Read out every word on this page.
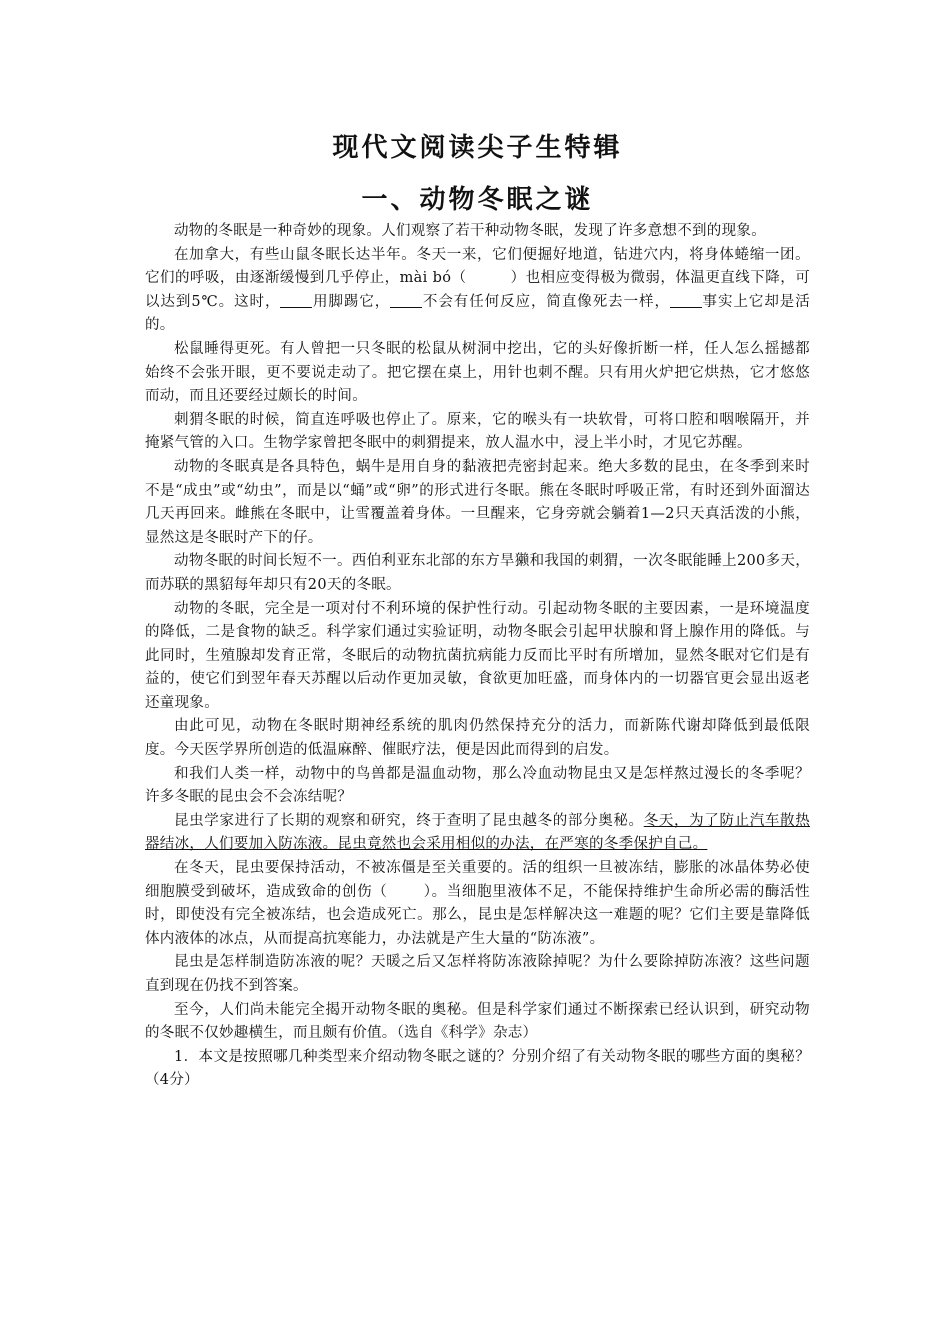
现代文阅读尖子生特辑
一、动物冬眠之谜

动物的冬眠是一种奇妙的现象。人们观察了若干种动物冬眠，发现了许多意想不到的现象。

在加拿大，有些山鼠冬眠长达半年。冬天一来，它们便掘好地道，钻进穴内，将身体蜷缩一团。它们的呼吸，由逐渐缓慢到几乎停止，mài bó（	）也相应变得极为微弱，体温更直线下降，可以达到5℃。这时， 用脚踢它， 不会有任何反应，简直像死去一样， 事实上它却是活的。

松鼠睡得更死。有人曾把一只冬眠的松鼠从树洞中挖出，它的头好像折断一样，任人怎么摇撼都始终不会张开眼，更不要说走动了。把它摆在桌上，用针也刺不醒。只有用火炉把它烘热，它才悠悠而动，而且还要经过颇长的时间。

刺猬冬眠的时候，简直连呼吸也停止了。原来，它的喉头有一块软骨，可将口腔和咽喉隔开，并掩紧气管的入口。生物学家曾把冬眠中的刺猬提来，放人温水中，浸上半小时，才见它苏醒。

动物的冬眠真是各具特色，蜗牛是用自身的黏液把壳密封起来。绝大多数的昆虫，在冬季到来时不是“成虫”或“幼虫”，而是以“蛹”或“卵”的形式进行冬眠。熊在冬眠时呼吸正常，有时还到外面溜达几天再回来。雌熊在冬眠中，让雪覆盖着身体。一旦醒来，它身旁就会躺着1—2只天真活泼的小熊，显然这是冬眠时产下的仔。

动物冬眠的时间长短不一。西伯利亚东北部的东方旱獭和我国的刺猬，一次冬眠能睡上200多天，而苏联的黑貂每年却只有20天的冬眠。

动物的冬眠，完全是一项对付不利环境的保护性行动。引起动物冬眠的主要因素，一是环境温度的降低，二是食物的缺乏。科学家们通过实验证明，动物冬眠会引起甲状腺和肾上腺作用的降低。与此同时，生殖腺却发育正常，冬眠后的动物抗菌抗病能力反而比平时有所增加，显然冬眠对它们是有益的，使它们到翌年春天苏醒以后动作更加灵敏，食欲更加旺盛，而身体内的一切器官更会显出返老还童现象。

由此可见，动物在冬眠时期神经系统的肌肉仍然保持充分的活力，而新陈代谢却降低到最低限度。今天医学界所创造的低温麻醉、催眠疗法，便是因此而得到的启发。

和我们人类一样，动物中的鸟兽都是温血动物，那么冷血动物昆虫又是怎样熬过漫长的冬季呢？许多冬眠的昆虫会不会冻结呢？

昆虫学家进行了长期的观察和研究，终于查明了昆虫越冬的部分奥秘。冬天，为了防止汽车散热器结冰，人们要加入防冻液。昆虫竟然也会采用相似的办法，在严寒的冬季保护自己。

在冬天，昆虫要保持活动，不被冻僵是至关重要的。活的组织一旦被冻结，膨胀的冰晶体势必使细胞膜受到破坏，造成致命的创伤（ ）。当细胞里液体不足，不能保持维护生命所必需的酶活性时，即使没有完全被冻结，也会造成死亡。那么，昆虫是怎样解决这一难题的呢？它们主要是靠降低体内液体的冰点，从而提高抗寒能力，办法就是产生大量的“防冻液”。

昆虫是怎样制造防冻液的呢？天暖之后又怎样将防冻液除掉呢？为什么要除掉防冻液？这些问题直到现在仍找不到答案。

至今，人们尚未能完全揭开动物冬眠的奥秘。但是科学家们通过不断探索已经认识到，研究动物的冬眠不仅妙趣横生，而且颇有价值。（选自《科学》杂志）

1．本文是按照哪几种类型来介绍动物冬眠之谜的？分别介绍了有关动物冬眠的哪些方面的奥秘？（4分）
